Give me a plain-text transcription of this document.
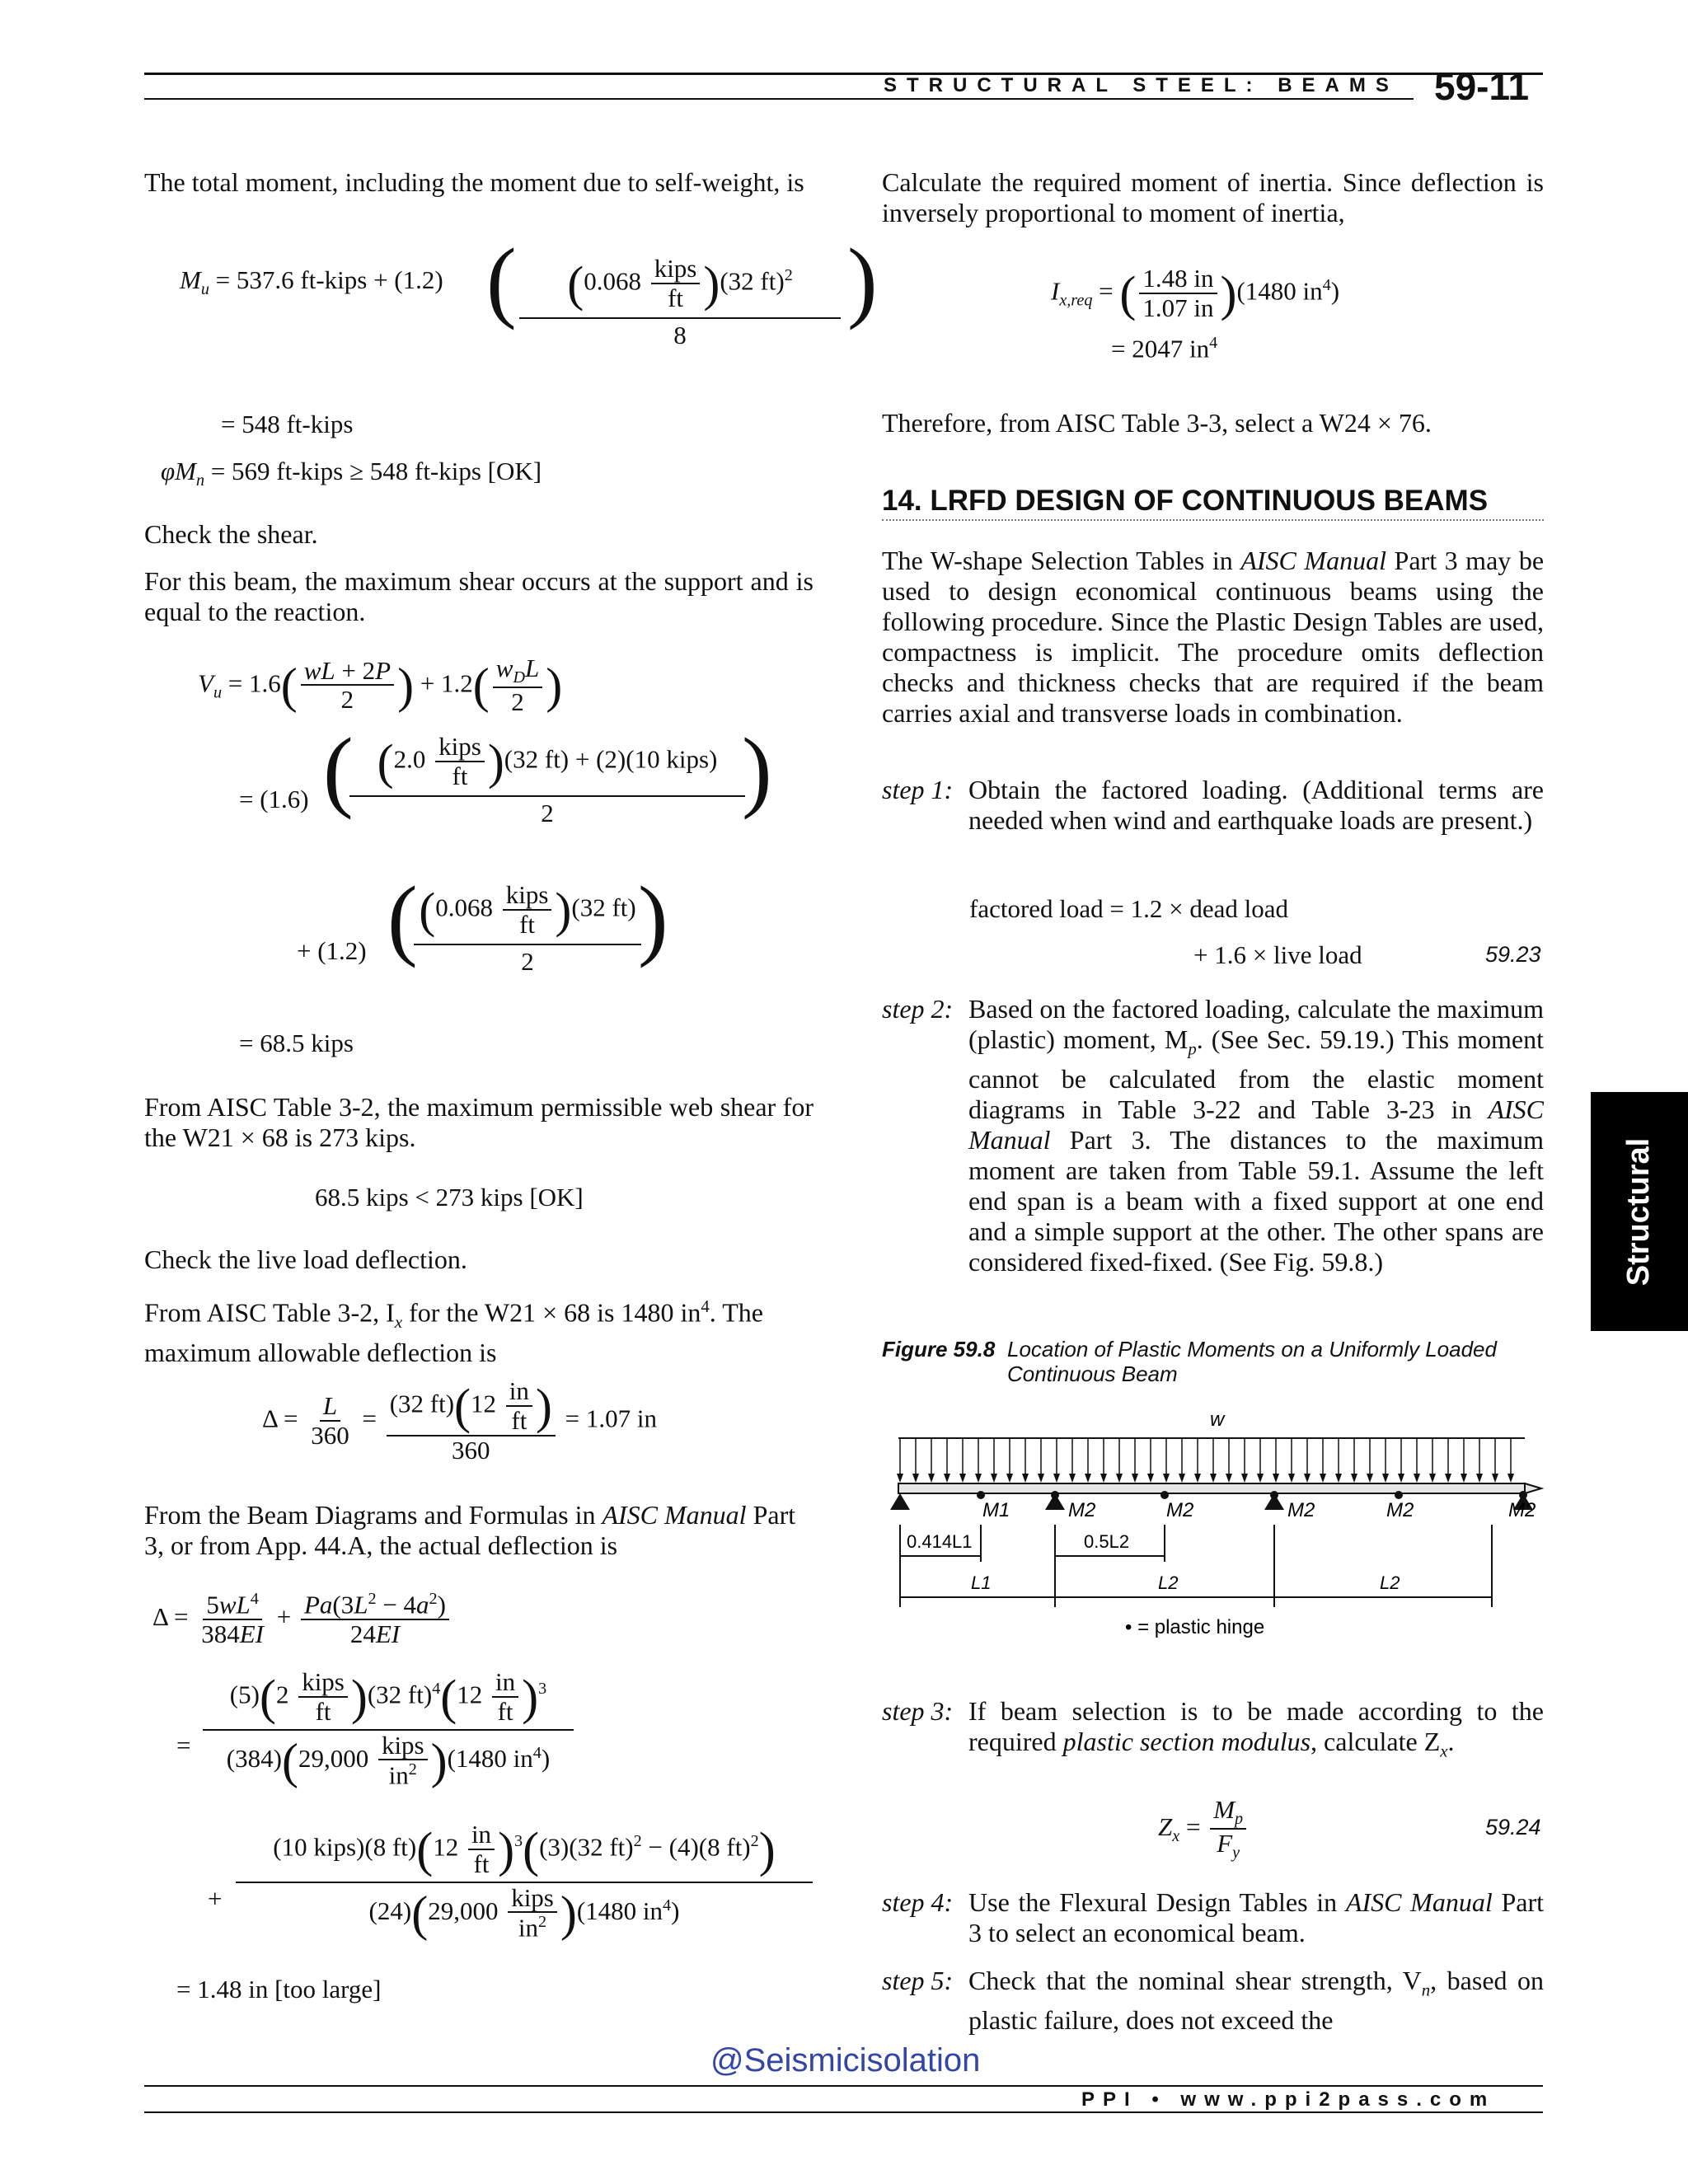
STRUCTURAL STEEL: BEAMS 59-11
The total moment, including the moment due to self-weight, is
$M_u = 537.6$ ft-kips + (1.2) (	$(0.068 \frac{\text{kips}}{ft} )(32$ ft)$^2$
8
)
= 548 ft-kips
$\varphi M_n = 569$ ft-kips ≥ 548 ft-kips [OK]
Check the shear.
For this beam, the maximum shear occurs at the support and is equal to the reaction.
$V_u = 1.6( \frac{wL + 2P}{2}$ ) + $1.2( \frac{w_DL}{2}$ )
= (1.6) ( $(2.0 \frac{\text{kips}}{ft} )(32$ ft) + (2)(10 kips)
2	)
+ (1.2) ( $(0.068 \frac{\text{kips}}{ft} )(32$ ft)
2	)
= 68.5 kips
From AISC Table 3-2, the maximum permissible web shear for the W21 × 68 is 273 kips.
68.5 kips < 273 kips [OK]
Check the live load deflection.
From AISC Table 3-2, $I_x$ for the W21 × 68 is 1480 $in^4$. The maximum allowable deflection is
$\Delta = \frac{L}{360} = \frac{(32 ft)(12 \frac{in}{ft} )}{360} = 1.07$ in
From the Beam Diagrams and Formulas in AISC Manual Part 3, or from App. 44.A, the actual deflection is
$\Delta = \frac{5wL^4}{384EI} + \frac{Pa(3L^2 - 4a^2)}{24EI}$
=
$(5)(2 \frac{\text{kips}}{ft} )(32$ $ft)^4(12 \frac{in}{ft} )^3$
$(384)(29,000 \frac{\text{kips}}{in^2} )(1480$ $in^4$)
+
(10 kips)(8 $ft)(12 \frac{in}{ft} )^3((3)(32$ ft)$^2$ − (4)(8 ft)$^2$)
$(24)(29,000 \frac{\text{kips}}{in^2} )(1480$ $in^4$)
= 1.48 in [too large]
Calculate the required moment of inertia. Since deflection is inversely proportional to moment of inertia,
$I_{x,req}$ = ( $\frac{1.48 in}{1.07 in} )(1480$ $in^4$)
= 2047 $in^4$
Therefore, from AISC Table 3-3, select a W24 × 76.
14. LRFD DESIGN OF CONTINUOUS BEAMS
The W-shape Selection Tables in AISC Manual Part 3 may be used to design economical continuous beams using the following procedure. Since the Plastic Design Tables are used, compactness is implicit. The procedure omits deflection checks and thickness checks that are required if the beam carries axial and transverse loads in combination.
step 1: Obtain the factored loading. (Additional terms are needed when wind and earthquake loads are present.)
factored load = 1.2 × dead load
+ 1.6 × live load	59.23
step 2: Based on the factored loading, calculate the maximum (plastic) moment, $M_p$. (See Sec. 59.19.) This moment cannot be calculated from the elastic moment diagrams in Table 3-22 and Table 3-23 in AISC Manual Part 3. The distances to the maximum moment are taken from Table 59.1. Assume the left end span is a beam with a fixed support at one end and a simple support at the other. The other spans are considered fixed-fixed. (See Fig. 59.8.)
Figure 59.8 Location of Plastic Moments on a Uniformly Loaded
Continuous Beam
w
M1	M2	M2	M2	M2	M2
0.414L1	0.5L2
L1	L2	L2
• = plastic hinge
step 3: If beam selection is to be made according to the required plastic section modulus, calculate $Z_x$.
$Z_x = \frac{M_p}{F_y}$	59.24
step 4: Use the Flexural Design Tables in AISC Manual Part 3 to select an economical beam.
step 5: Check that the nominal shear strength, $V_n$, based on plastic failure, does not exceed the
Structural
@Seismicisolation
PPI • www.ppi2pass.com
